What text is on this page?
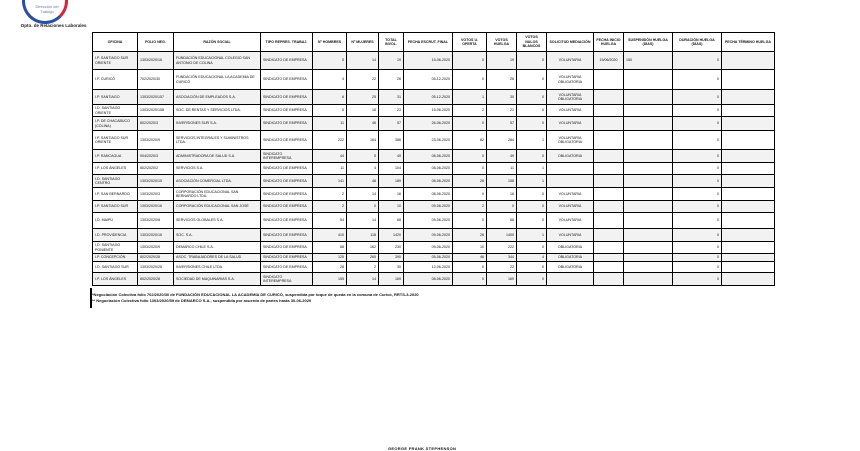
Dirección del Trabajo
Dpto. de Relaciones Laborales
OFICINA	FOLIO NEG.	RAZÓN SOCIAL	TIPO REPRES. TRABAJ.	Nº HOMBRES	Nº MUJERES	TOTAL INVOL.	FECHA ESCRUT. FINAL	VOTOS U. OFERTA	VOTOS HUELGA	VOTOS NULOS BLANCOS	SOLICITUD MEDIACIÓN	FECHA INICIO HUELGA	SUSPENSIÓN HUELGA (DÍAS)	DURACIÓN HUELGA (DÍAS)	FECHA TÉRMINO HUELGA
I.P. SANTIAGO SUR ORIENTE	1303/2020/16	FUNDACIÓN EDUCACIONAL COLEGIO SAN ANTONIO DE COLINA	SINDICATO DE EMPRESA	5	14	19	15-06-2020	0	19	0	VOLUNTARIA	15/06/2020	150	0	
I.P. CURICÓ	702/2020/30	FUNDACIÓN EDUCACIONAL LA ACADEMIA DE CURICÓ	SINDICATO DE EMPRESA	4	22	26	05-12-2020	0	26	0	VOLUNTARIA OBLIGATORIA			0	
I.P. SANTIAGO	1303/2020/157	ASOCIACIÓN DE EMPLEADOS S.A.	SINDICATO DE EMPRESA	6	25	31	05-12-2020	1	30	0	VOLUNTARIA OBLIGATORIA			0	
I.D. SANTIAGO ORIENTE	1303/2020/158	SOC. DE RENTAS Y SERVICIOS LTDA.	SINDICATO DE EMPRESA	5	18	23	15-06-2020	2	21	0	VOLUNTARIA			0	
I.P. DE CHACABUCO (COLINA)	802/2020/3	INVERSIONES SUR S.A.	SINDICATO DE EMPRESA	11	46	57	26-06-2020	0	57	0	VOLUNTARIA			0	
I.P. SANTIAGO SUR ORIENTE	1303/2020/9	SERVICIOS INTEGRALES Y SUMINISTROS LTDA.	SINDICATO DE EMPRESA	222	164	386	23-06-2020	82	284	1	VOLUNTARIA OBLIGATORIA			0	
I.P. RANCAGUA	904/2020/3	ADMINISTRADORA DE SALUD S.A.	SINDICATO INTEREMPRESA	44	5	49	08-06-2020	0	49	0	OBLIGATORIA			0	
I.P. LOS ÁNGELES	802/2020/2	SERVICIOS S.A.	SINDICATO DE EMPRESA	11	4	104	08-06-2020	0	11	1				0	
I.D. SANTIAGO CENTRO	1303/2020/15	ASOCIACIÓN COMERCIAL LTDA.	SINDICATO DE EMPRESA	141	48	189	08-06-2020	28	158	1				0	
I.P. SAN BERNARDO	1303/2020/3	CORPORACIÓN EDUCACIONAL SAN BERNARDO LTDA.	SINDICATO DE EMPRESA	2	14	16	08-06-2020	0	16	0	VOLUNTARIA			0	
I.P. SANTIAGO SUR	1303/2020/16	CORPORACIÓN EDUCACIONAL SAN JOSÉ	SINDICATO DE EMPRESA	2	0	10	09-06-2020	2	0	0	VOLUNTARIA			0	
I.D. MAIPÚ	1303/2020/8	SERVICIOS GLOBALES S.A.	SINDICATO DE EMPRESA	54	14	68	09-06-2020	0	68	0	VOLUNTARIA			0	
I.D. PROVIDENCIA	1303/2020/16	SOC. S.A.	SINDICATO DE EMPRESA	410	118	1420	09-06-2020	26	1400	1	VOLUNTARIA			0	
I.D. SANTIAGO PONIENTE	1303/2020/9	DEMARCO CHILE S.A.	SINDICATO DE EMPRESA	68	162	230	09-06-2020	10	222	0	OBLIGATORIA			0	
I.P. CONCEPCIÓN	802/2020/28	ASOC. TRABAJADORES DE LA SALUD	SINDICATO DE EMPRESA	125	265	390	05-06-2020	46	344	4	OBLIGATORIA			0	
I.D. SANTIAGO SUR	1303/2020/26	INVERSIONES CHILE LTDA.	SINDICATO DE EMPRESA	28	2	30	12-06-2020	0	22	0	OBLIGATORIA			0	
I.P. LOS ÁNGELES	802/2020/28	SOCIEDAD DE MAQUINARIAS S.A.	SINDICATO INTEREMPRESA	155	14	169	08-06-2020	0	169	0				0	
*Negociación Colectiva folio 702/2020/30 de FUNDACIÓN EDUCACIONAL LA ACADEMIA DE CURICÓ, suspendida por toque de queda en la comuna de Curicó, RRTS-3-2020
** Negociación Colectiva folio 1303/2020/59 de DEMARCO S.A., suspendida por acuerdo de partes hasta 30-06-2020
GEORGE FRANK STEPHENSON
